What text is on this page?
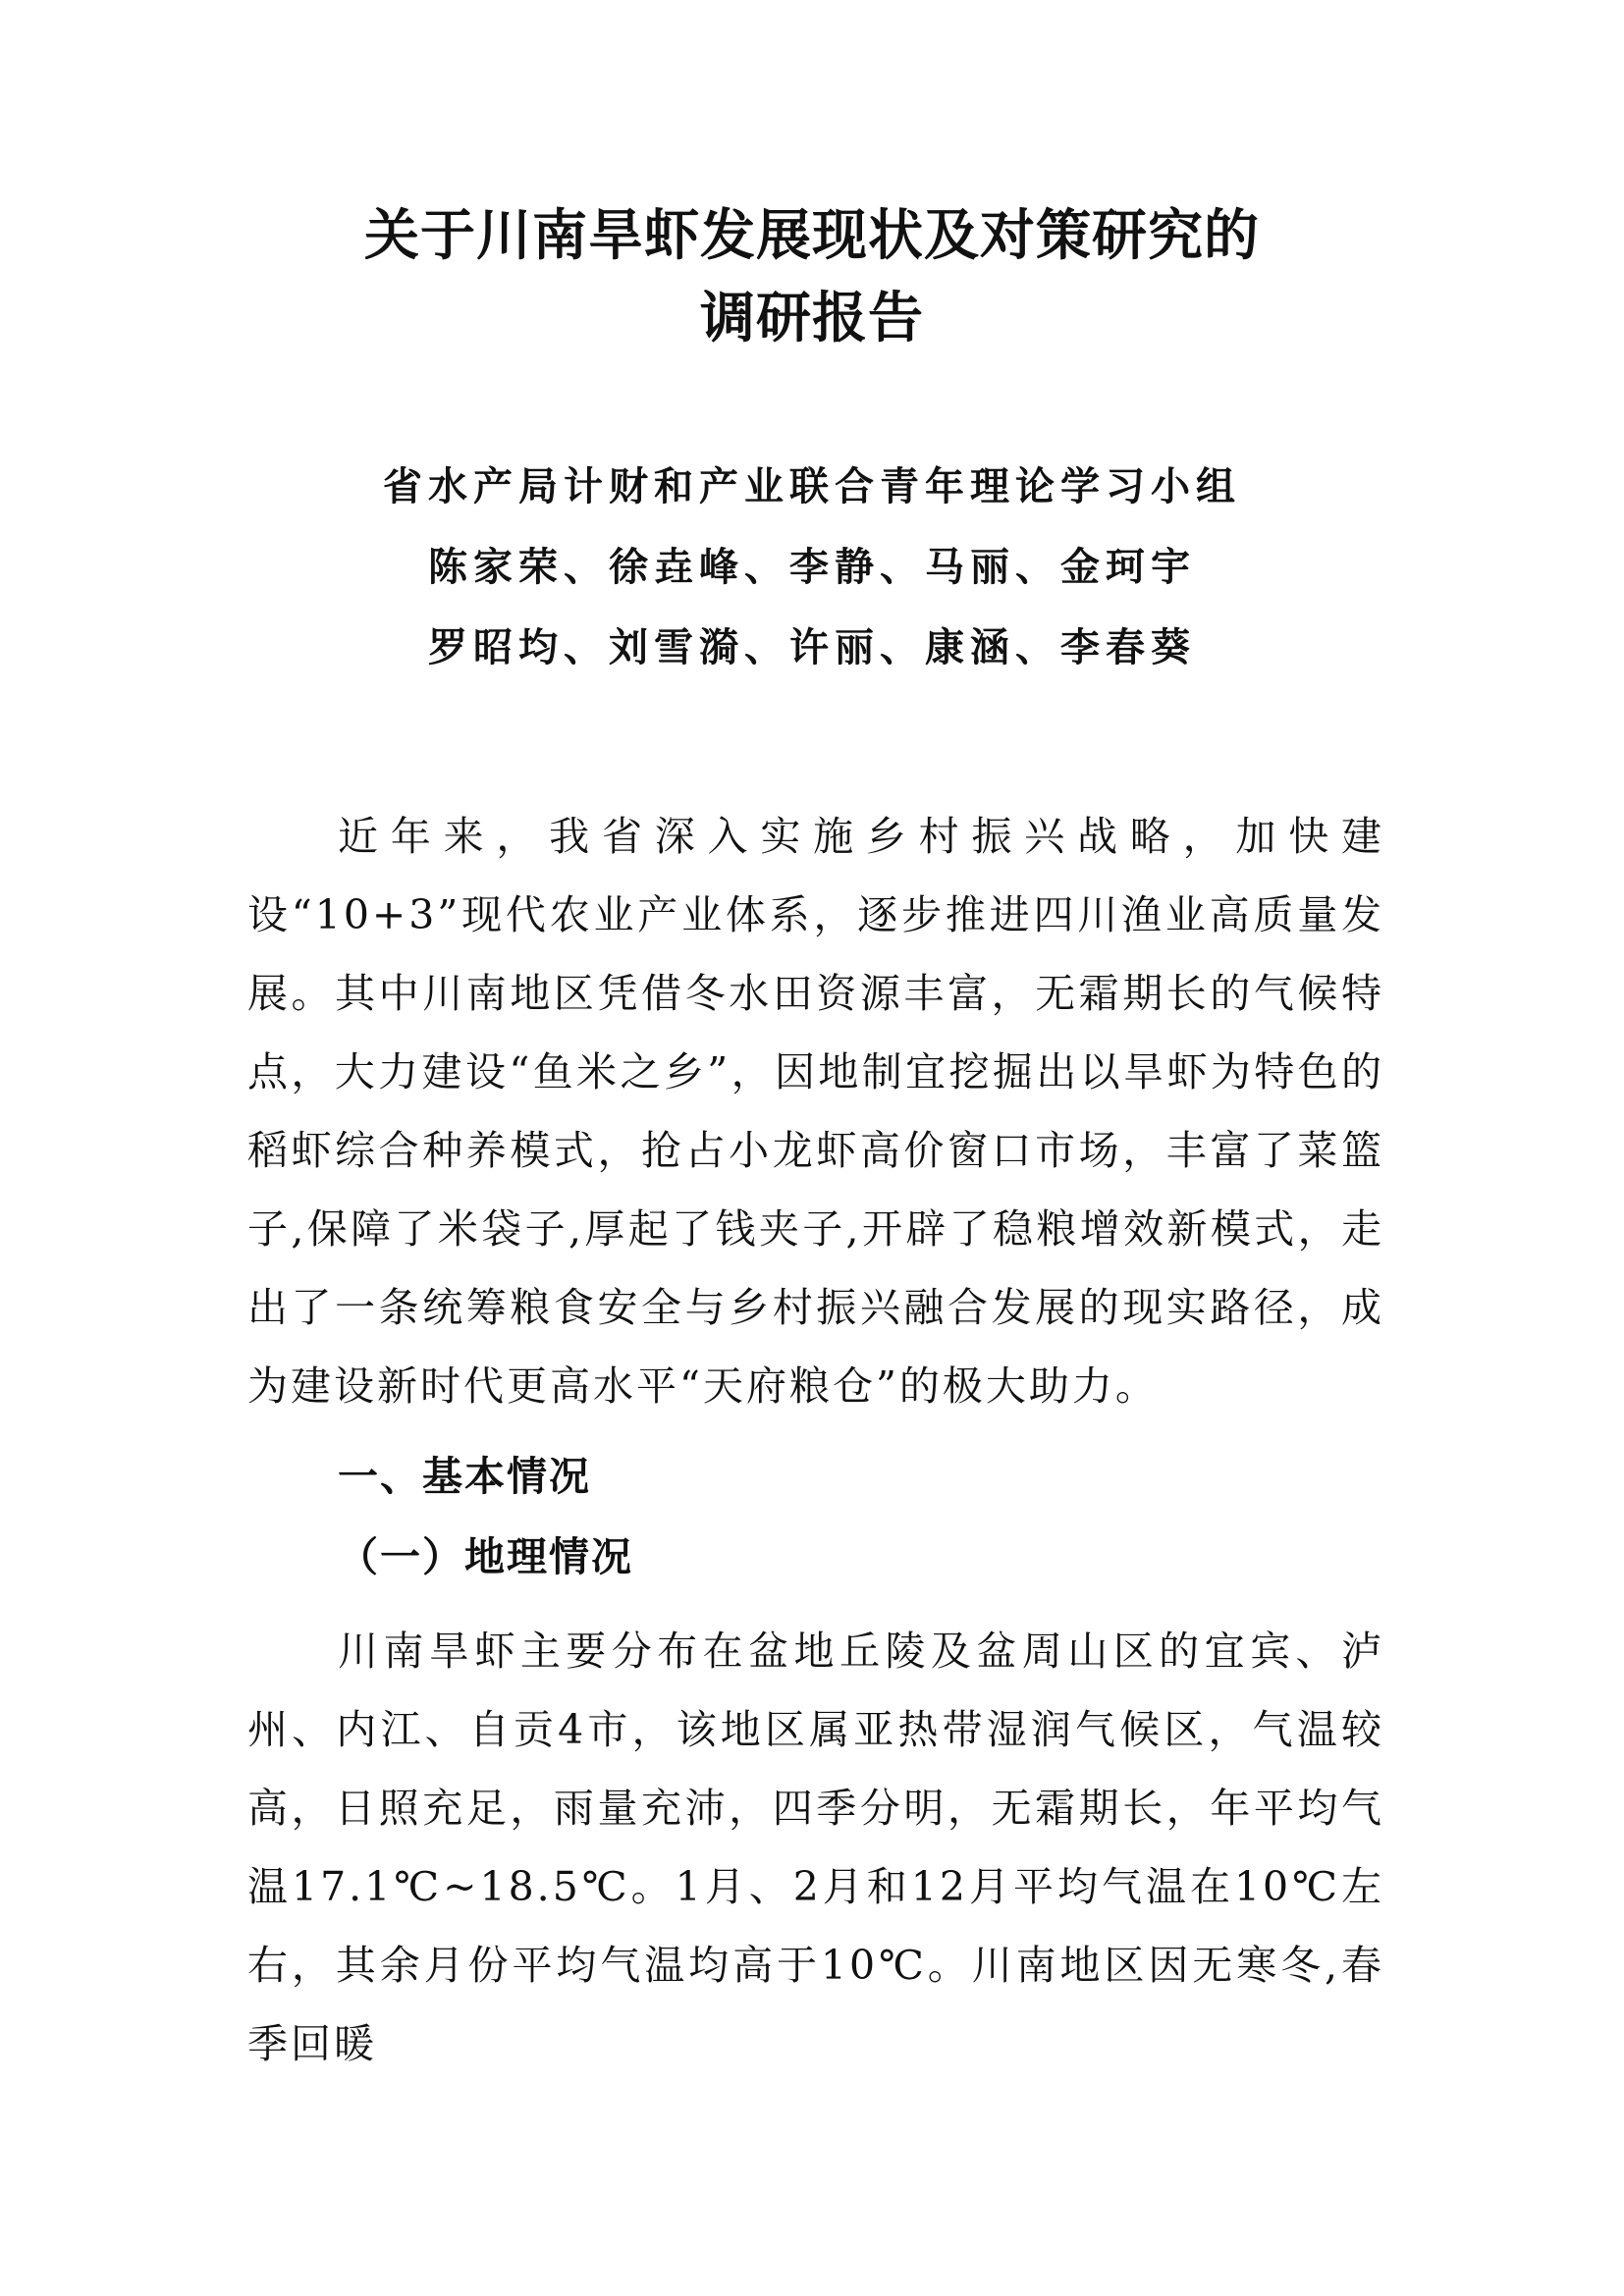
关于川南旱虾发展现状及对策研究的
调研报告

省水产局计财和产业联合青年理论学习小组

陈家荣、徐垚峰、李静、马丽、金珂宇

罗昭均、刘雪漪、许丽、康涵、李春葵

近年来，我省深入实施乡村振兴战略，加快建设“10+3”现代农业产业体系，逐步推进四川渔业高质量发展。其中川南地区凭借冬水田资源丰富，无霜期长的气候特点，大力建设“鱼米之乡”，因地制宜挖掘出以旱虾为特色的稻虾综合种养模式，抢占小龙虾高价窗口市场，丰富了菜篮子,保障了米袋子,厚起了钱夹子,开辟了稳粮增效新模式，走出了一条统筹粮食安全与乡村振兴融合发展的现实路径，成为建设新时代更高水平“天府粮仓”的极大助力。

一、基本情况
（一）地理情况

川南旱虾主要分布在盆地丘陵及盆周山区的宜宾、泸州、内江、自贡4市，该地区属亚热带湿润气候区，气温较高，日照充足，雨量充沛，四季分明，无霜期长，年平均气温17.1℃~18.5℃。1月、2月和12月平均气温在10℃左右，其余月份平均气温均高于10℃。川南地区因无寒冬,春季回暖
